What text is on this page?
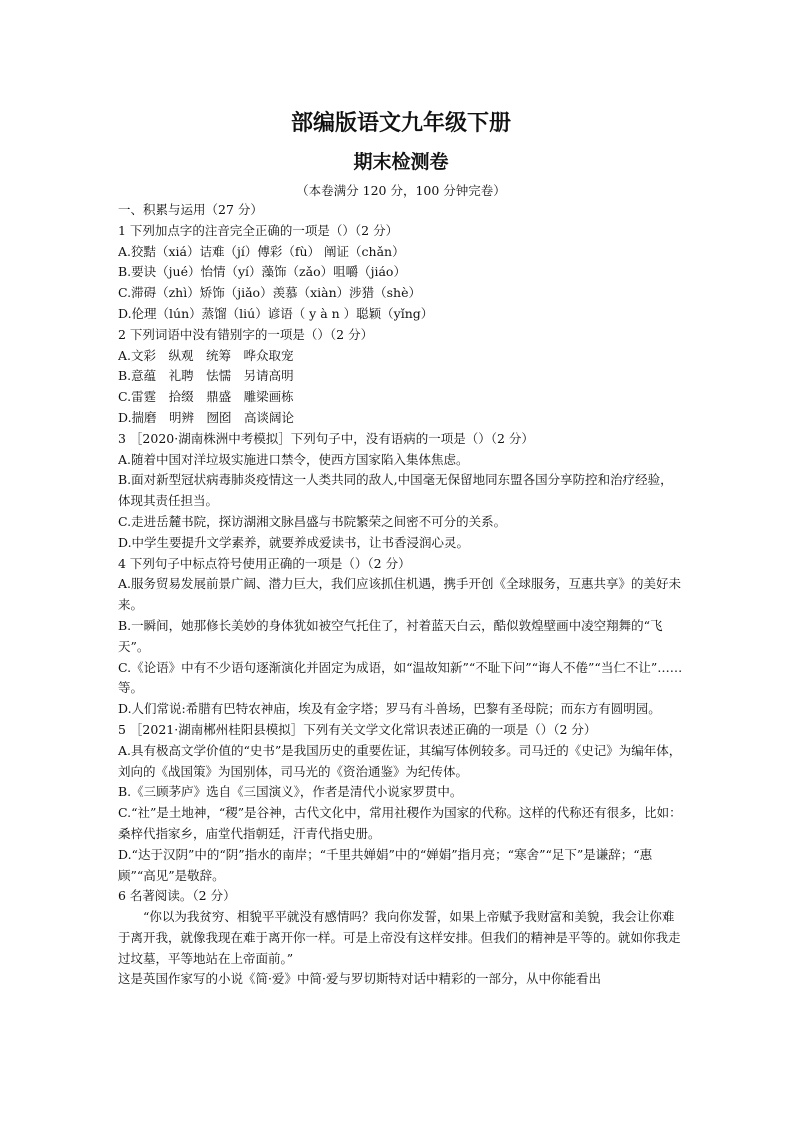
部编版语文九年级下册
期末检测卷
（本卷满分 120 分，100 分钟完卷）
一、积累与运用（27 分）
1 下列加点字的注音完全正确的一项是（）（2 分）
A.狡黠（xiá）诘难（jí）傅彩（fù） 阐证（chǎn）
B.要诀（jué）怡情（yí）藻饰（zǎo）咀嚼（jiáo）
C.滞碍（zhì）矫饰（jiǎo）羡慕（xiàn）涉猎（shè）
D.伦理（lún）蒸馏（liú）谚语（ y à n ）聪颖（yǐng）
2 下列词语中没有错别字的一项是（）（2 分）
A.文彩　纵观　统筹　哗众取宠
B.意蕴　礼聘　怯懦　另请高明
C.雷霆　拾缀　鼎盛　雕梁画栋
D.揣磨　明辨　囫囵　高谈阔论
3 ［2020·湖南株洲中考模拟］下列句子中，没有语病的一项是（）（2 分）
A.随着中国对洋垃圾实施进口禁令，使西方国家陷入集体焦虑。
B.面对新型冠状病毒肺炎疫情这一人类共同的敌人,中国毫无保留地同东盟各国分享防控和治疗经验，体现其责任担当。
C.走进岳麓书院，探访湖湘文脉昌盛与书院繁荣之间密不可分的关系。
D.中学生要提升文学素养，就要养成爱读书，让书香浸润心灵。
4 下列句子中标点符号使用正确的一项是（）（2 分）
A.服务贸易发展前景广阔、潜力巨大，我们应该抓住机遇，携手开创《全球服务，互惠共享》的美好未来。
B.一瞬间，她那修长美妙的身体犹如被空气托住了，衬着蓝天白云，酷似敦煌壁画中凌空翔舞的“飞天”。
C.《论语》中有不少语句逐渐演化并固定为成语，如“温故知新”“不耻下问”“诲人不倦”“当仁不让”……等。
D.人们常说:希腊有巴特农神庙，埃及有金字塔；罗马有斗兽场，巴黎有圣母院；而东方有圆明园。
5 ［2021·湖南郴州桂阳县模拟］下列有关文学文化常识表述正确的一项是（）（2 分）
A.具有极高文学价值的“史书”是我国历史的重要佐证，其编写体例较多。司马迁的《史记》为编年体，刘向的《战国策》为国别体，司马光的《资治通鉴》为纪传体。
B.《三顾茅庐》选自《三国演义》，作者是清代小说家罗贯中。
C.“社”是土地神，“稷”是谷神，古代文化中，常用社稷作为国家的代称。这样的代称还有很多，比如：桑梓代指家乡，庙堂代指朝廷，汗青代指史册。
D.“达于汉阴”中的“阴”指水的南岸；“千里共婵娟”中的“婵娟”指月亮；“寒舍”“足下”是谦辞；“惠顾”“高见”是敬辞。
6 名著阅读。（2 分）
“你以为我贫穷、相貌平平就没有感情吗？我向你发誓，如果上帝赋予我财富和美貌，我会让你难于离开我，就像我现在难于离开你一样。可是上帝没有这样安排。但我们的精神是平等的。就如你我走过坟墓，平等地站在上帝面前。”
这是英国作家写的小说《简·爱》中简·爱与罗切斯特对话中精彩的一部分，从中你能看出
